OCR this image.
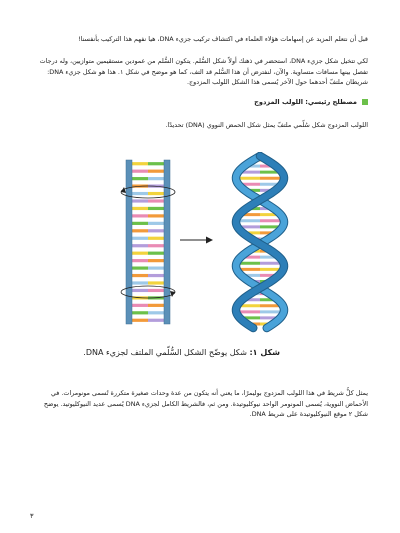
قبل أن نتعلم المزيد عن إسهامات هؤلاء العلماء في اكتشاف تركيب جزيء DNA، هيا نفهم هذا التركيب بأنفسنا!

لكي تتخيل شكل جزيء DNA، استحضر في ذهنك أولاً شكل السُّلم. يتكون السُّلم من عمودين مستقيمين متوازيين، وله درجات تفصل بينها مسافات متساوية. والآن، لنفترض أن هذا السُّلم قد التف، كما هو موضح في شكل ١. هذا هو شكل جزيء DNA: شريطان ملتفّ أحدهما حول الآخر يُسمى هذا الشكل اللولب المزدوج.

مصطلح رئيسي: اللولب المزدوج

اللولب المزدوج شكل سُلّمي ملتفّ يمثل شكل الحمض النووي (DNA) تحديدًا.

شكل ١: شكل يوضّح الشكل السُّلّمي الملتف لجزيء DNA.

يمثل كلُّ شريط في هذا اللولب المزدوج بوليمرًا، ما يعني أنه يتكون من عدة وحدات صغيرة متكررة تُسمى مونومرات. في الأحماض النووية، يُسمى المونومر الواحد نيوكليوتيدة. ومن ثم، فالشريط الكامل لجزيء DNA يُسمى عديد النيوكليوتيد. يوضح شكل ٢ موقع النيوكليوتيدة على شريط DNA.

٣
